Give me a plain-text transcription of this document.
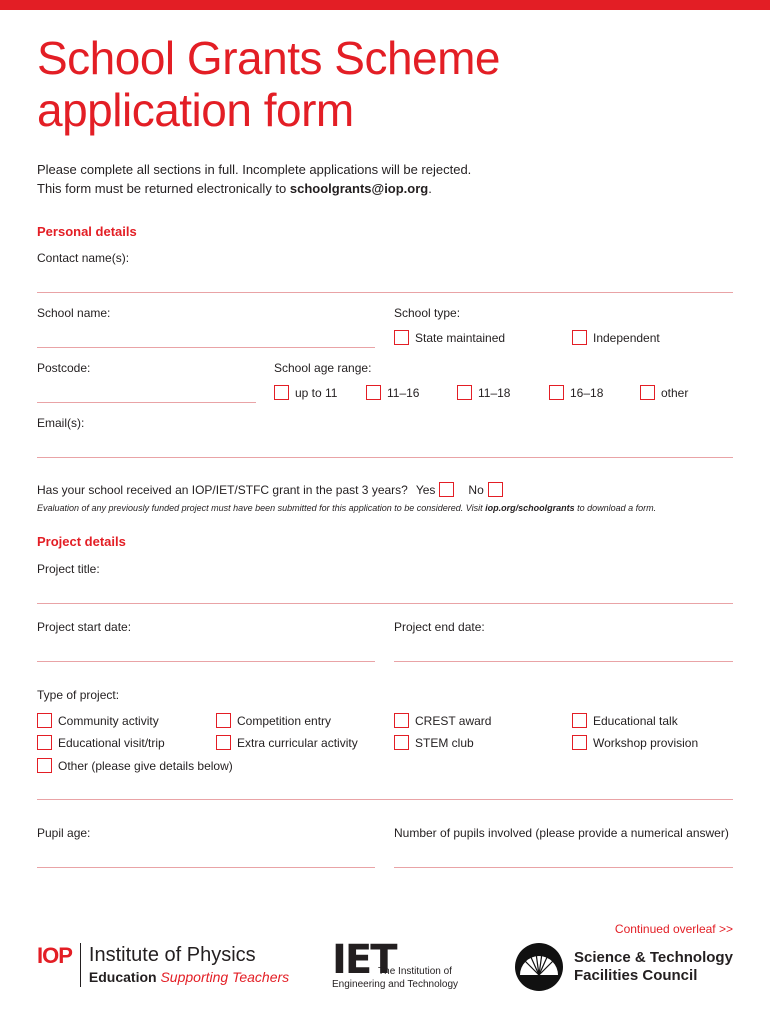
School Grants Scheme
application form
Please complete all sections in full. Incomplete applications will be rejected.
This form must be returned electronically to schoolgrants@iop.org.
Personal details
Contact name(s):
School name:	School type:
State maintained	Independent
Postcode:	School age range:
up to 11	11–16	11–18	16–18	other
Email(s):
Has your school received an IOP/IET/STFC grant in the past 3 years? Yes	No
Evaluation of any previously funded project must have been submitted for this application to be considered. Visit iop.org/schoolgrants to download a form.
Project details
Project title:
Project start date:	Project end date:
Type of project:
Community activity	Competition entry	CREST award	Educational talk
Educational visit/trip	Extra curricular activity	STEM club	Workshop provision
Other (please give details below)
Pupil age:	Number of pupils involved (please provide a numerical answer)
Continued overleaf >>
IOP Institute of Physics
Education Supporting Teachers IET
Engineering and Technology
The Institution of
Science & Technology
Facilities Council
